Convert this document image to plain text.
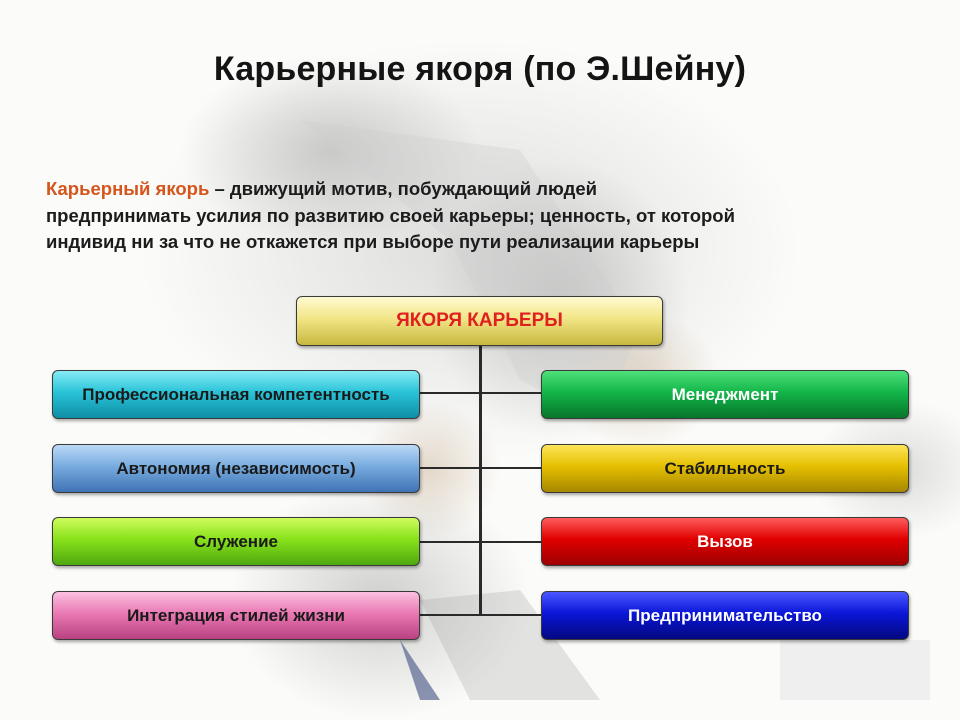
Карьерные якоря (по Э.Шейну)
Карьерный якорь – движущий мотив, побуждающий людей
предпринимать усилия по развитию своей карьеры; ценность, от которой
индивид ни за что не откажется при выборе пути реализации карьеры
ЯКОРЯ КАРЬЕРЫ
Профессиональная компетентность
Автономия (независимость)
Служение
Интеграция стилей жизни
Менеджмент
Стабильность
Вызов
Предпринимательство
